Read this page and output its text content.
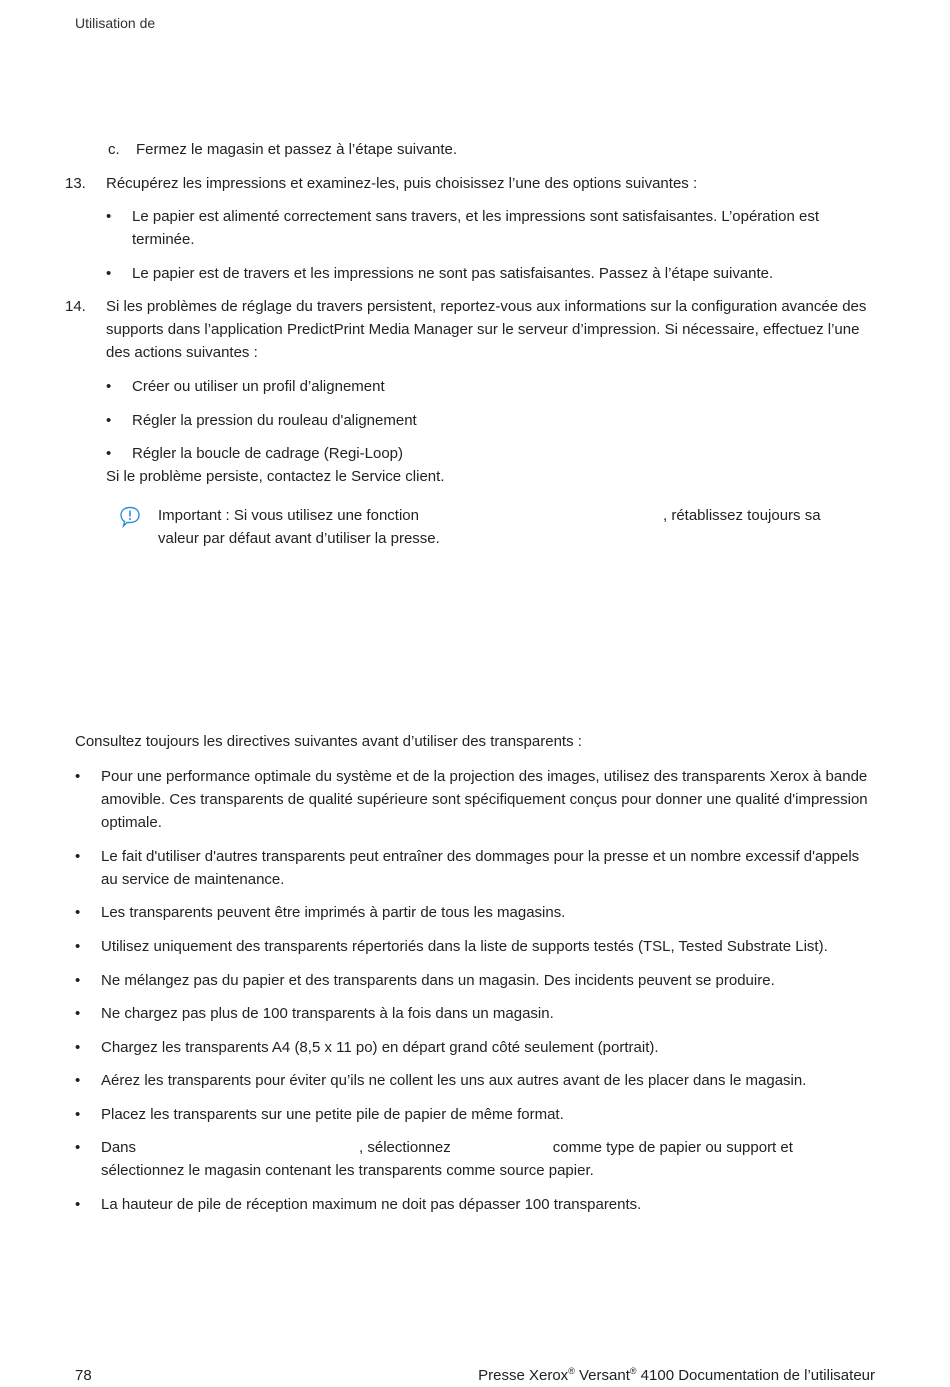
Utilisation de
c. Fermez le magasin et passez à l’étape suivante.
13. Récupérez les impressions et examinez-les, puis choisissez l’une des options suivantes :
• Le papier est alimenté correctement sans travers, et les impressions sont satisfaisantes. L’opération est terminée.
• Le papier est de travers et les impressions ne sont pas satisfaisantes. Passez à l’étape suivante.
14. Si les problèmes de réglage du travers persistent, reportez-vous aux informations sur la configuration avancée des supports dans l’application PredictPrint Media Manager sur le serveur d’impression. Si nécessaire, effectuez l’une des actions suivantes :
• Créer ou utiliser un profil d’alignement
• Régler la pression du rouleau d'alignement
• Régler la boucle de cadrage (Regi-Loop)
Si le problème persiste, contactez le Service client.
Important : Si vous utilisez une fonction	, rétablissez toujours sa
valeur par défaut avant d’utiliser la presse.
Consultez toujours les directives suivantes avant d’utiliser des transparents :
• Pour une performance optimale du système et de la projection des images, utilisez des transparents Xerox à bande amovible. Ces transparents de qualité supérieure sont spécifiquement conçus pour donner une qualité d'impression optimale.
• Le fait d'utiliser d'autres transparents peut entraîner des dommages pour la presse et un nombre excessif d'appels au service de maintenance.
• Les transparents peuvent être imprimés à partir de tous les magasins.
• Utilisez uniquement des transparents répertoriés dans la liste de supports testés (TSL, Tested Substrate List).
• Ne mélangez pas du papier et des transparents dans un magasin. Des incidents peuvent se produire.
• Ne chargez pas plus de 100 transparents à la fois dans un magasin.
• Chargez les transparents A4 (8,5 x 11 po) en départ grand côté seulement (portrait).
• Aérez les transparents pour éviter qu’ils ne collent les uns aux autres avant de les placer dans le magasin.
• Placez les transparents sur une petite pile de papier de même format.
• Dans	, sélectionnez	comme type de papier ou support et
sélectionnez le magasin contenant les transparents comme source papier.
• La hauteur de pile de réception maximum ne doit pas dépasser 100 transparents.
78	Presse Xerox® Versant® 4100 Documentation de l’utilisateur
